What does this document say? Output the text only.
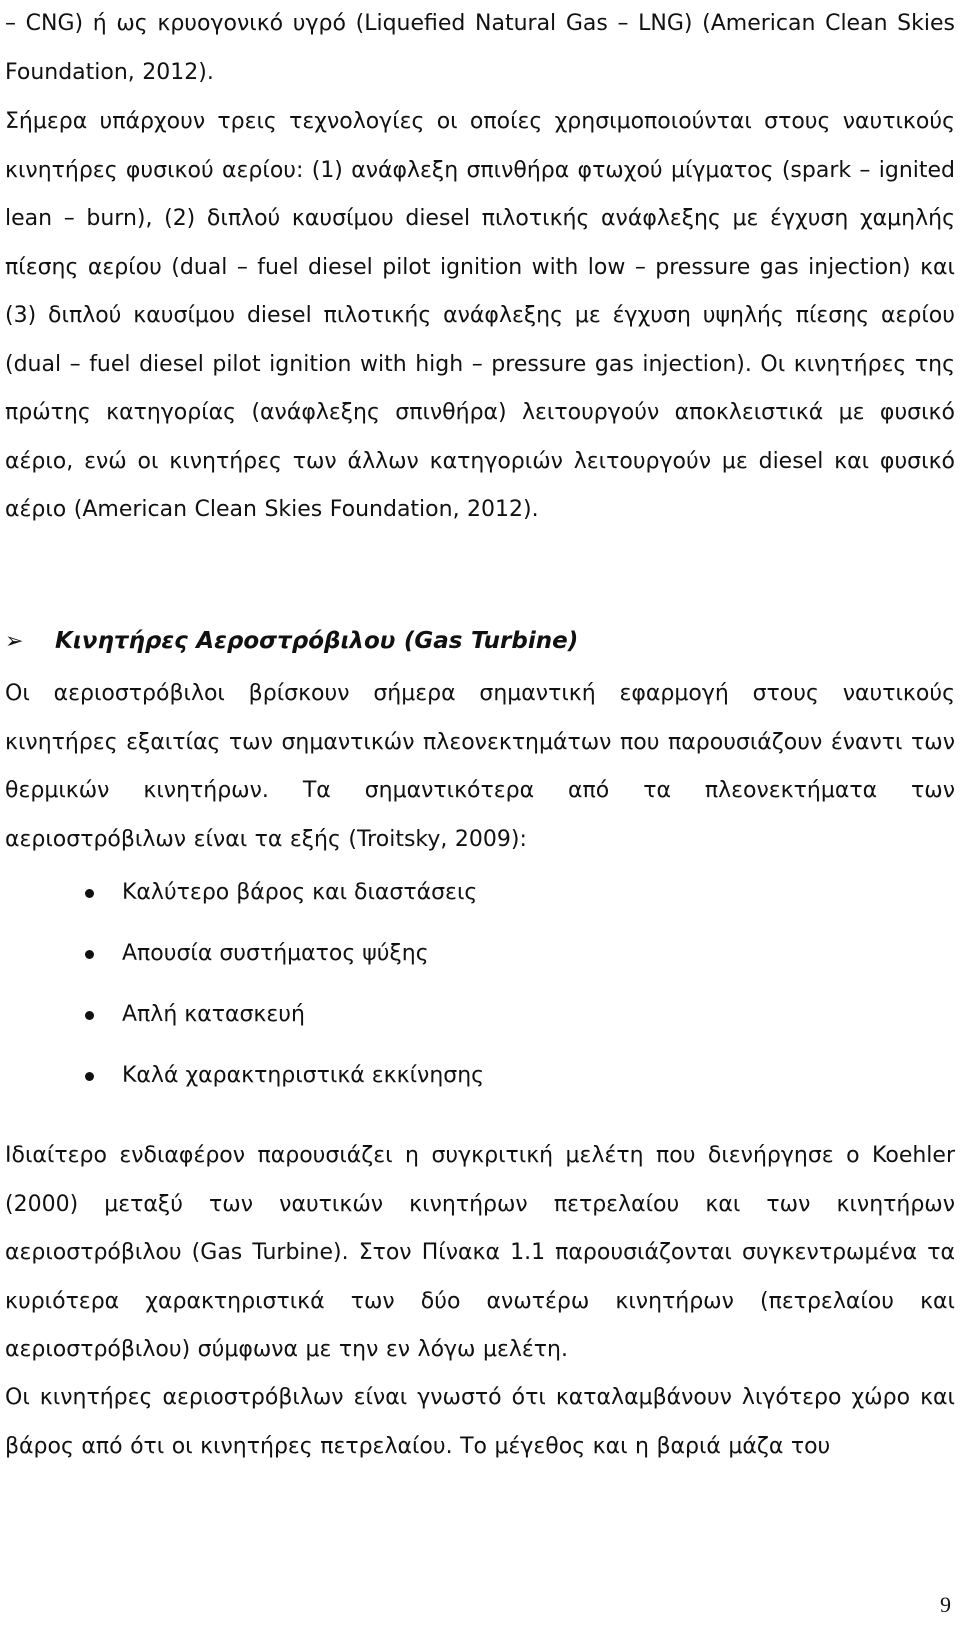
– CNG) ή ως κρυογονικό υγρό (Liquefied Natural Gas – LNG) (American Clean Skies Foundation, 2012).

Σήμερα υπάρχουν τρεις τεχνολογίες οι οποίες χρησιμοποιούνται στους ναυτικούς κινητήρες φυσικού αερίου: (1) ανάφλεξη σπινθήρα φτωχού μίγματος (spark – ignited lean – burn), (2) διπλού καυσίμου diesel πιλοτικής ανάφλεξης με έγχυση χαμηλής πίεσης αερίου (dual – fuel diesel pilot ignition with low – pressure gas injection) και (3) διπλού καυσίμου diesel πιλοτικής ανάφλεξης με έγχυση υψηλής πίεσης αερίου (dual – fuel diesel pilot ignition with high – pressure gas injection). Οι κινητήρες της πρώτης κατηγορίας (ανάφλεξης σπινθήρα) λειτουργούν αποκλειστικά με φυσικό αέριο, ενώ οι κινητήρες των άλλων κατηγοριών λειτουργούν με diesel και φυσικό αέριο (American Clean Skies Foundation, 2012).

➢ Κινητήρες Αεροστρόβιλου (Gas Turbine)

Οι αεριοστρόβιλοι βρίσκουν σήμερα σημαντική εφαρμογή στους ναυτικούς κινητήρες εξαιτίας των σημαντικών πλεονεκτημάτων που παρουσιάζουν έναντι των θερμικών κινητήρων. Τα σημαντικότερα από τα πλεονεκτήματα των αεριοστρόβιλων είναι τα εξής (Troitsky, 2009):

Καλύτερο βάρος και διαστάσεις
Απουσία συστήματος ψύξης
Απλή κατασκευή
Καλά χαρακτηριστικά εκκίνησης

Ιδιαίτερο ενδιαφέρον παρουσιάζει η συγκριτική μελέτη που διενήργησε ο Koehler (2000) μεταξύ των ναυτικών κινητήρων πετρελαίου και των κινητήρων αεριοστρόβιλου (Gas Turbine). Στον Πίνακα 1.1 παρουσιάζονται συγκεντρωμένα τα κυριότερα χαρακτηριστικά των δύο ανωτέρω κινητήρων (πετρελαίου και αεριοστρόβιλου) σύμφωνα με την εν λόγω μελέτη.

Οι κινητήρες αεριοστρόβιλων είναι γνωστό ότι καταλαμβάνουν λιγότερο χώρο και βάρος από ότι οι κινητήρες πετρελαίου. Το μέγεθος και η βαριά μάζα του

9
